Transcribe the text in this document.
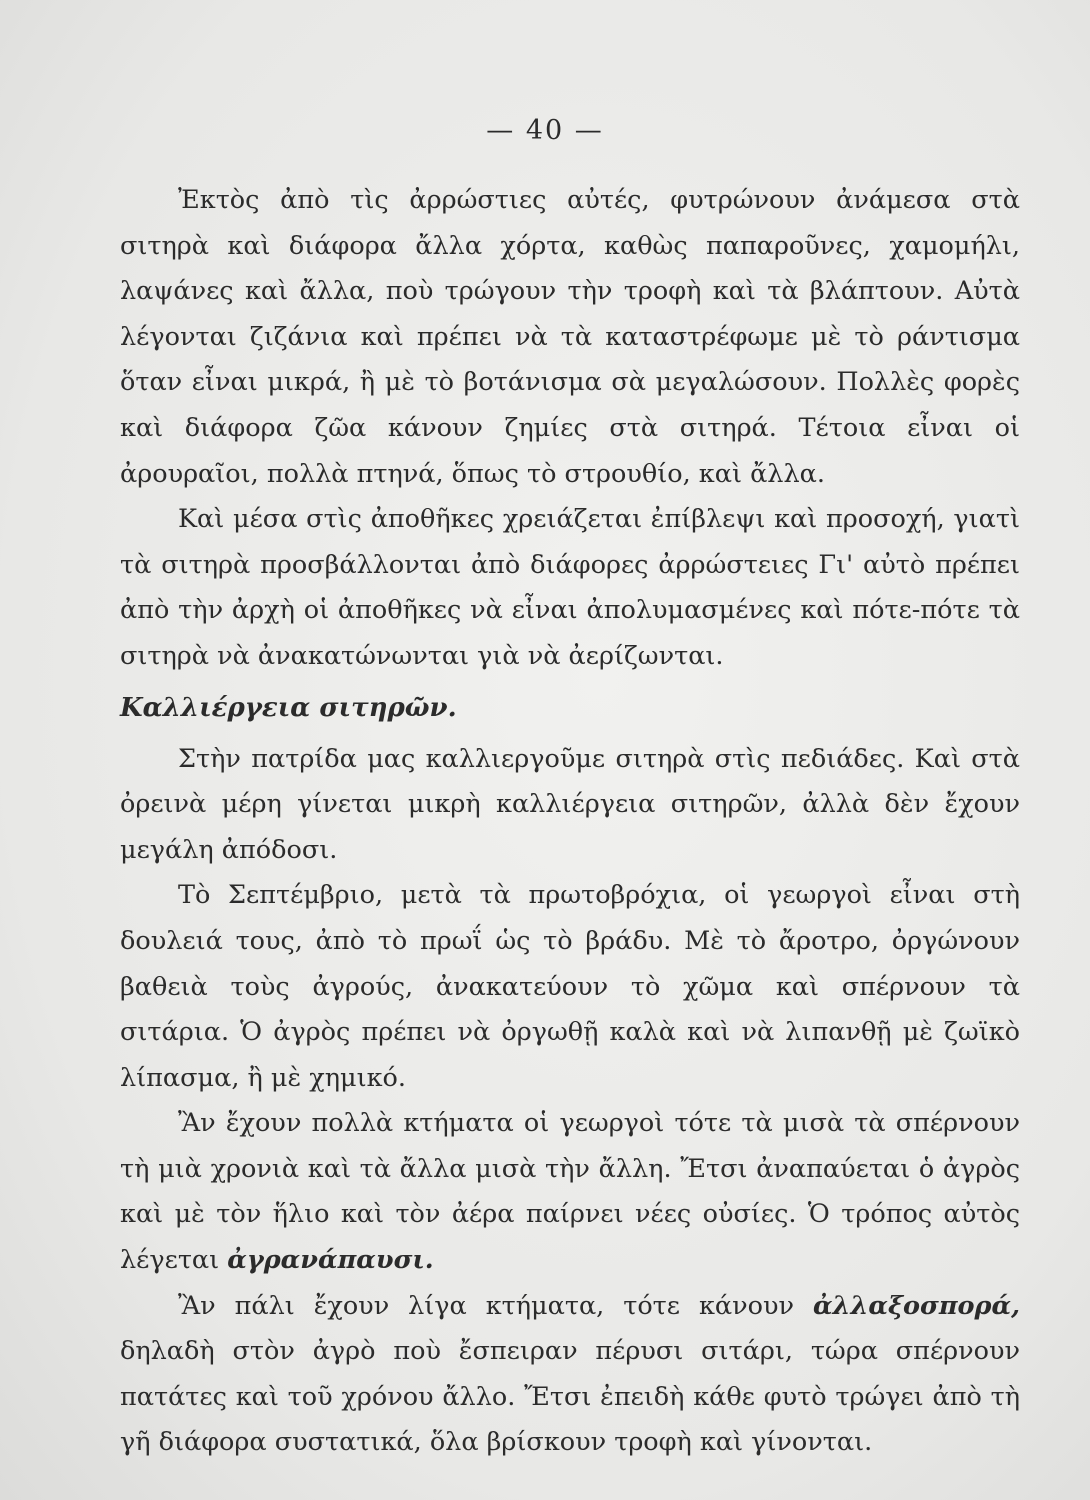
— 40 —

Ἐκτὸς ἀπὸ τὶς ἀρρώστιες αὐτές, φυτρώνουν ἀνάμεσα στὰ σιτηρὰ καὶ διάφορα ἄλλα χόρτα, καθὼς παπαροῦνες, χαμομήλι, λαψάνες καὶ ἄλλα, ποὺ τρώγουν τὴν τροφὴ καὶ τὰ βλάπτουν. Αὐτὰ λέγονται ζιζάνια καὶ πρέπει νὰ τὰ καταστρέφωμε μὲ τὸ ράντισμα ὅταν εἶναι μικρά, ἢ μὲ τὸ βοτάνισμα σὰ μεγαλώσουν. Πολλὲς φορὲς καὶ διάφορα ζῶα κάνουν ζημίες στὰ σιτηρά. Τέτοια εἶναι οἱ ἀρουραῖοι, πολλὰ πτηνά, ὅπως τὸ στρουθίο, καὶ ἄλλα.

Καὶ μέσα στὶς ἀποθῆκες χρειάζεται ἐπίβλεψι καὶ προσοχή, γιατὶ τὰ σιτηρὰ προσβάλλονται ἀπὸ διάφορες ἀρρώστειες Γι' αὐτὸ πρέπει ἀπὸ τὴν ἀρχὴ οἱ ἀποθῆκες νὰ εἶναι ἀπολυμασμένες καὶ πότε-πότε τὰ σιτηρὰ νὰ ἀνακατώνωνται γιὰ νὰ ἀερίζωνται.

Καλλιέργεια σιτηρῶν.

Στὴν πατρίδα μας καλλιεργοῦμε σιτηρὰ στὶς πεδιάδες. Καὶ στὰ ὀρεινὰ μέρη γίνεται μικρὴ καλλιέργεια σιτηρῶν, ἀλλὰ δὲν ἔχουν μεγάλη ἀπόδοσι.

Τὸ Σεπτέμβριο, μετὰ τὰ πρωτοβρόχια, οἱ γεωργοὶ εἶναι στὴ δουλειά τους, ἀπὸ τὸ πρωΐ ὡς τὸ βράδυ. Μὲ τὸ ἄροτρο, ὀργώνουν βαθειὰ τοὺς ἀγρούς, ἀνακατεύουν τὸ χῶμα καὶ σπέρνουν τὰ σιτάρια. Ὁ ἀγρὸς πρέπει νὰ ὀργωθῇ καλὰ καὶ νὰ λιπανθῇ μὲ ζωϊκὸ λίπασμα, ἢ μὲ χημικό.

Ἂν ἔχουν πολλὰ κτήματα οἱ γεωργοὶ τότε τὰ μισὰ τὰ σπέρνουν τὴ μιὰ χρονιὰ καὶ τὰ ἄλλα μισὰ τὴν ἄλλη. Ἔτσι ἀναπαύεται ὁ ἀγρὸς καὶ μὲ τὸν ἥλιο καὶ τὸν ἀέρα παίρνει νέες οὐσίες. Ὁ τρόπος αὐτὸς λέγεται ἀγρανάπαυσι.

Ἂν πάλι ἔχουν λίγα κτήματα, τότε κάνουν ἀλλαξοσπορά, δηλαδὴ στὸν ἀγρὸ ποὺ ἔσπειραν πέρυσι σιτάρι, τώρα σπέρνουν πατάτες καὶ τοῦ χρόνου ἄλλο. Ἔτσι ἐπειδὴ κάθε φυτὸ τρώγει ἀπὸ τὴ γῆ διάφορα συστατικά, ὅλα βρίσκουν τροφὴ καὶ γίνονται.
